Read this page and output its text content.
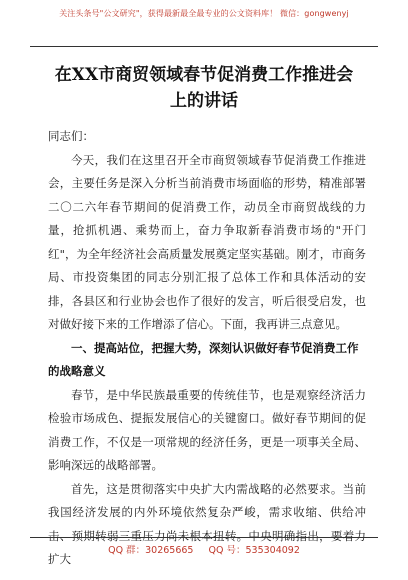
关注头条号"公文研究"，获得最新最全最专业的公文资料库！ 微信：gongwenyj
在XX市商贸领域春节促消费工作推进会
上的讲话

同志们：

今天，我们在这里召开全市商贸领域春节促消费工作推进会，主要任务是深入分析当前消费市场面临的形势，精准部署二〇二六年春节期间的促消费工作，动员全市商贸战线的力量，抢抓机遇、乘势而上，奋力争取新春消费市场的"开门红"，为全年经济社会高质量发展奠定坚实基础。刚才，市商务局、市投资集团的同志分别汇报了总体工作和具体活动的安排，各县区和行业协会也作了很好的发言，听后很受启发，也对做好接下来的工作增添了信心。下面，我再讲三点意见。

一、提高站位，把握大势，深刻认识做好春节促消费工作的战略意义

春节，是中华民族最重要的传统佳节，也是观察经济活力检验市场成色、提振发展信心的关键窗口。做好春节期间的促消费工作，不仅是一项常规的经济任务，更是一项事关全局、影响深远的战略部署。

首先，这是贯彻落实中央扩大内需战略的必然要求。当前我国经济发展的内外环境依然复杂严峻，需求收缩、供给冲击、预期转弱三重压力尚未根本扭转。中央明确指出，要着力扩大

QQ 群：30265665 QQ 号：535304092
